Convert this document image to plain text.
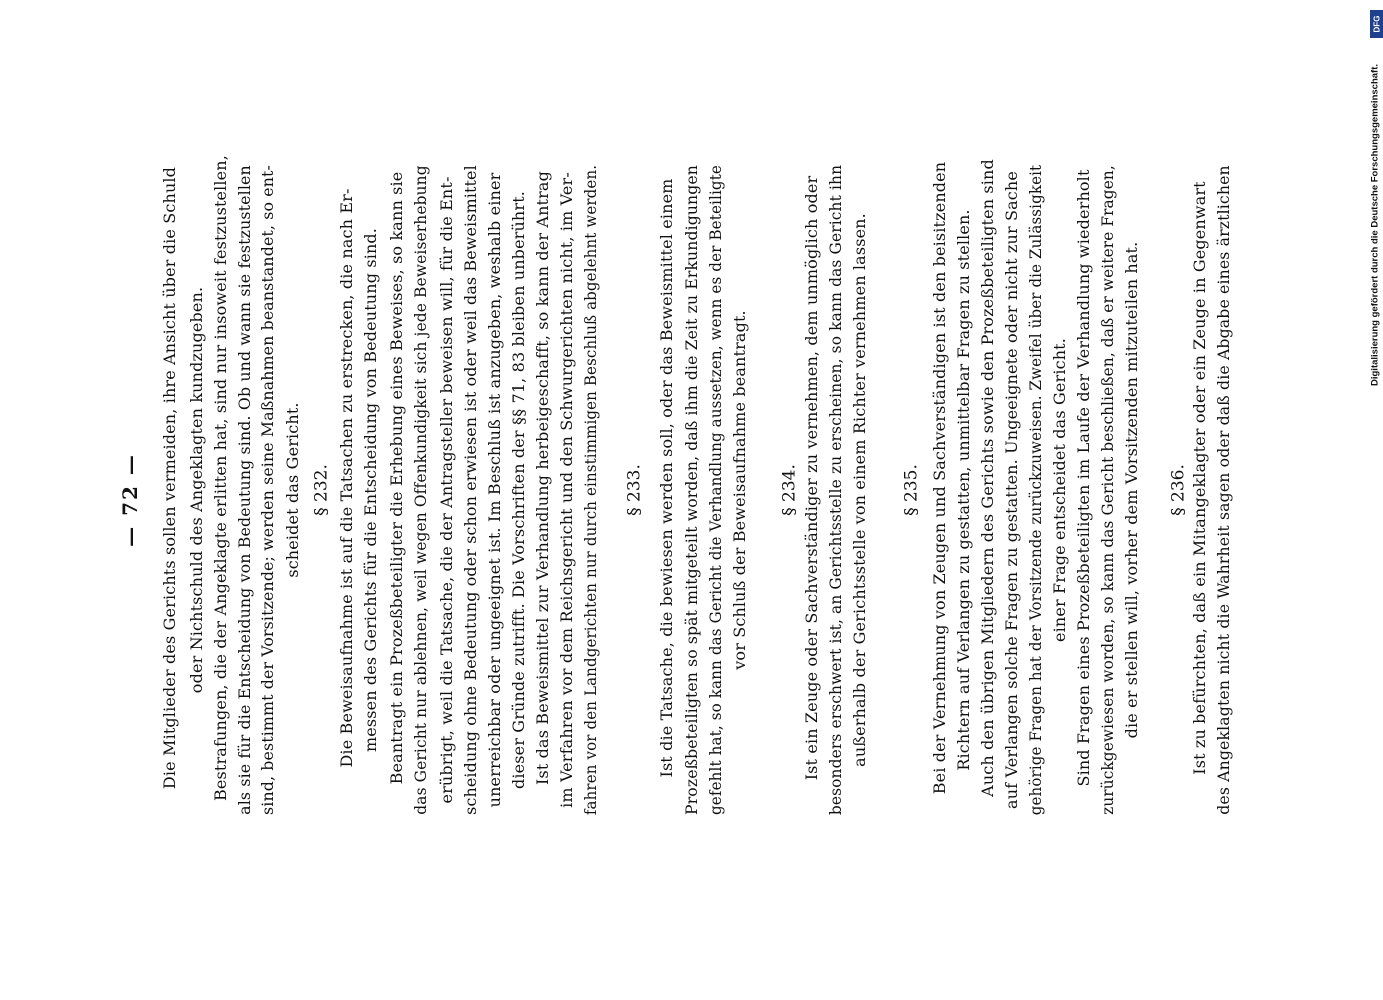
Digitalisierung gefördert durch die Deutsche Forschungsgemeinschaft.
DFG
Die Mitglieder des Gerichts sollen vermeiden, ihre Ansicht über die Schuld oder Nichtschuld des Angeklagten kundzugeben. Bestrafungen, die der Angeklagte erlitten hat, sind nur insoweit festzustellen, als sie für die Entscheidung von Bedeutung sind. Ob und wann sie festzustellen sind, bestimmt der Vorsitzende; werden seine Maßnahmen beanstandet, so ent- scheidet das Gericht. § 232. Die Beweisaufnahme ist auf die Tatsachen zu erstrecken, die nach Er- messen des Gerichts für die Entscheidung von Bedeutung sind. Beantragt ein Prozeßbeteiligter die Erhebung eines Beweises, so kann sie das Gericht nur ablehnen, weil wegen Offenkundigkeit sich jede Beweiserhebung erübrigt, weil die Tatsache, die der Antragsteller beweisen will, für die Ent- scheidung ohne Bedeutung oder schon erwiesen ist oder weil das Beweismittel unerreichbar oder ungeeignet ist. Im Beschluß ist anzugeben, weshalb einer dieser Gründe zutrifft. Die Vorschriften der §§ 71, 83 bleiben unberührt. Ist das Beweismittel zur Verhandlung herbeigeschafft, so kann der Antrag im Verfahren vor dem Reichsgericht und den Schwurgerichten nicht, im Ver- fahren vor den Landgerichten nur durch einstimmigen Beschluß abgelehnt werden. § 233. Ist die Tatsache, die bewiesen werden soll, oder das Beweismittel einem Prozeßbeteiligten so spät mitgeteilt worden, daß ihm die Zeit zu Erkundigungen gefehlt hat, so kann das Gericht die Verhandlung aussetzen, wenn es der Beteiligte vor Schluß der Beweisaufnahme beantragt. § 234. Ist ein Zeuge oder Sachverständiger zu vernehmen, dem unmöglich oder besonders erschwert ist, an Gerichtsstelle zu erscheinen, so kann das Gericht ihn außerhalb der Gerichtsstelle von einem Richter vernehmen lassen. § 235. Bei der Vernehmung von Zeugen und Sachverständigen ist den beisitzenden Richtern auf Verlangen zu gestatten, unmittelbar Fragen zu stellen. Auch den übrigen Mitgliedern des Gerichts sowie den Prozeßbeteiligten sind auf Verlangen solche Fragen zu gestatten. Ungeeignete oder nicht zur Sache gehörige Fragen hat der Vorsitzende zurückzuweisen. Zweifel über die Zulässigkeit einer Frage entscheidet das Gericht. Sind Fragen eines Prozeßbeteiligten im Laufe der Verhandlung wiederholt zurückgewiesen worden, so kann das Gericht beschließen, daß er weitere Fragen, die er stellen will, vorher dem Vorsitzenden mitzuteilen hat. § 236. Ist zu befürchten, daß ein Mitangeklagter oder ein Zeuge in Gegenwart des Angeklagten nicht die Wahrheit sagen oder daß die Abgabe eines ärztlichen
— 72 —
